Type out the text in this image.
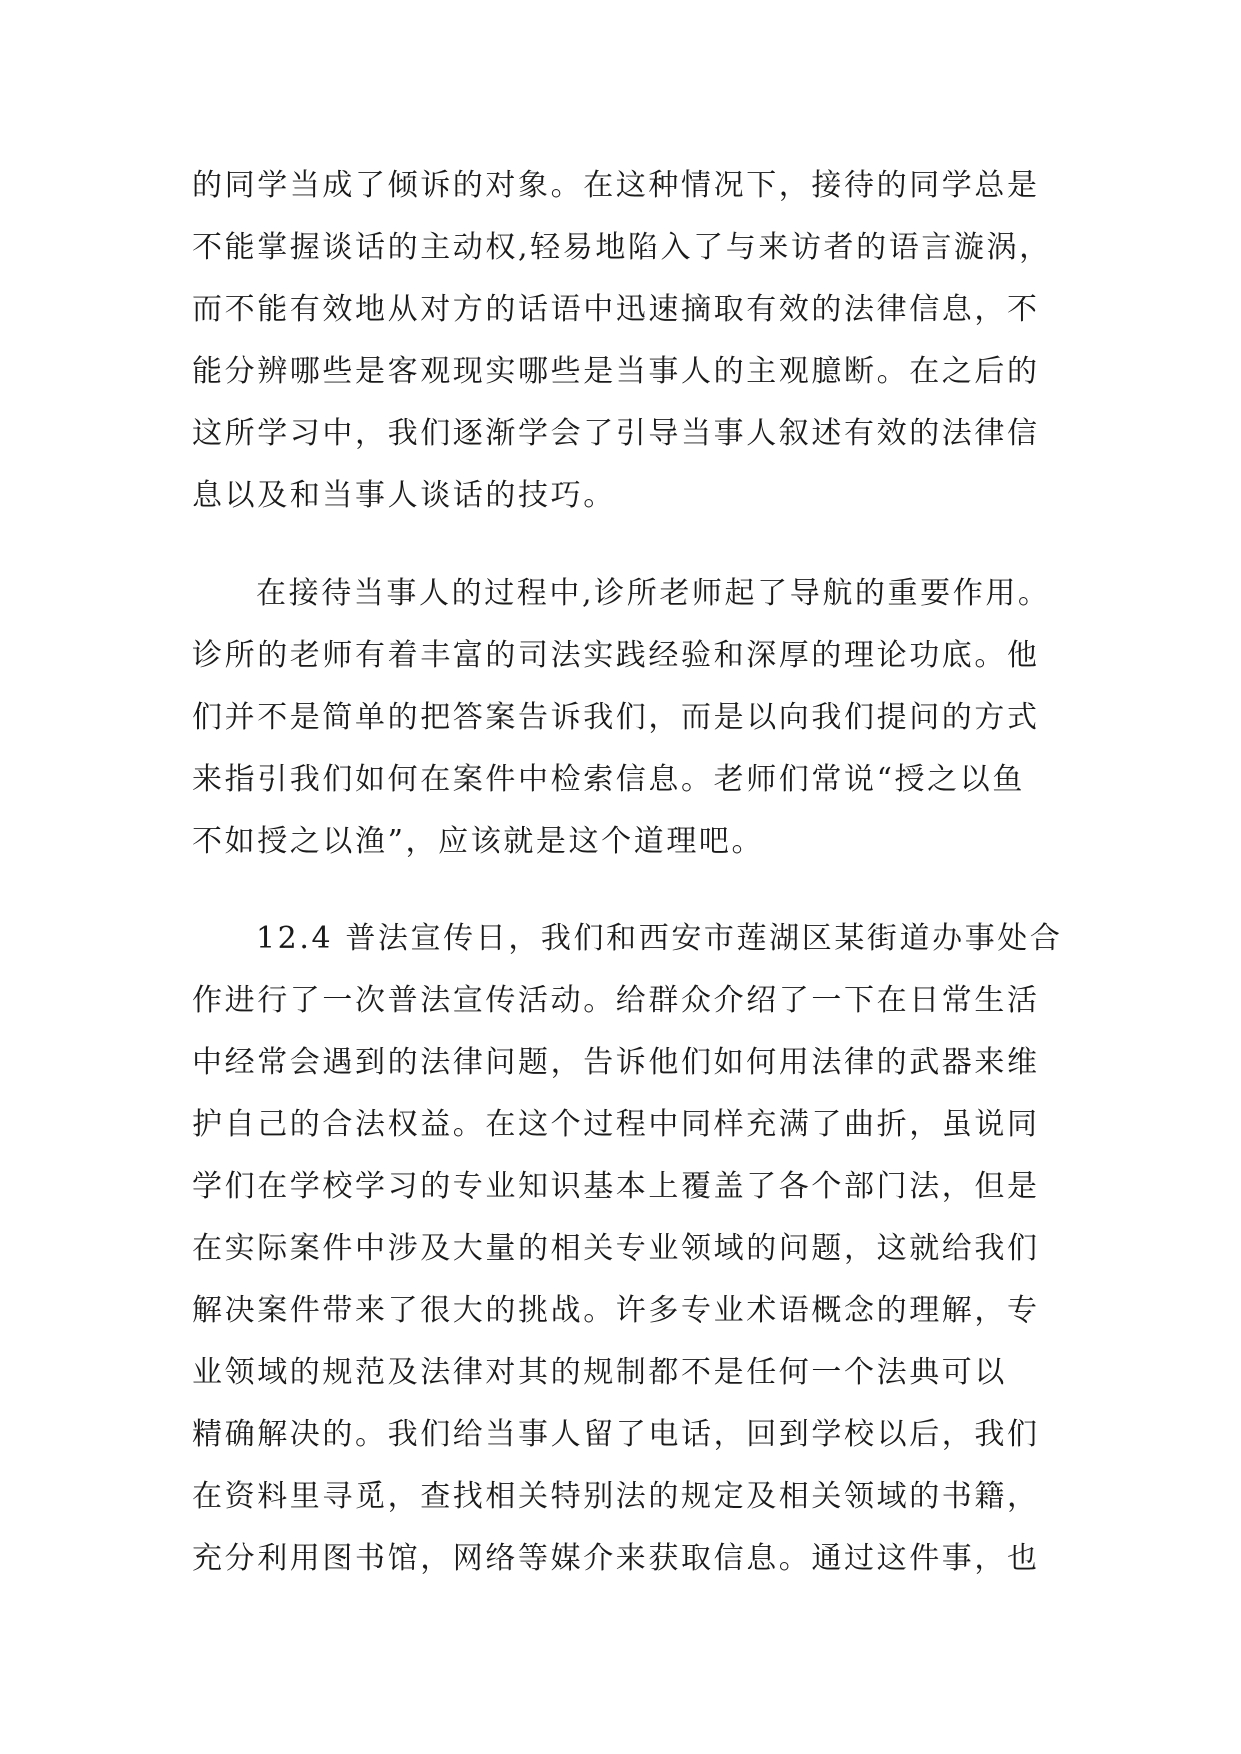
的同学当成了倾诉的对象。在这种情况下，接待的同学总是
不能掌握谈话的主动权,轻易地陷入了与来访者的语言漩涡，
而不能有效地从对方的话语中迅速摘取有效的法律信息，不
能分辨哪些是客观现实哪些是当事人的主观臆断。在之后的
这所学习中，我们逐渐学会了引导当事人叙述有效的法律信
息以及和当事人谈话的技巧。
在接待当事人的过程中,诊所老师起了导航的重要作用。
诊所的老师有着丰富的司法实践经验和深厚的理论功底。他
们并不是简单的把答案告诉我们，而是以向我们提问的方式
来指引我们如何在案件中检索信息。老师们常说“授之以鱼
不如授之以渔”，应该就是这个道理吧。
12.4 普法宣传日，我们和西安市莲湖区某街道办事处合
作进行了一次普法宣传活动。给群众介绍了一下在日常生活
中经常会遇到的法律问题，告诉他们如何用法律的武器来维
护自己的合法权益。在这个过程中同样充满了曲折，虽说同
学们在学校学习的专业知识基本上覆盖了各个部门法，但是
在实际案件中涉及大量的相关专业领域的问题，这就给我们
解决案件带来了很大的挑战。许多专业术语概念的理解，专
业领域的规范及法律对其的规制都不是任何一个法典可以
精确解决的。我们给当事人留了电话，回到学校以后，我们
在资料里寻觅，查找相关特别法的规定及相关领域的书籍，
充分利用图书馆，网络等媒介来获取信息。通过这件事，也
